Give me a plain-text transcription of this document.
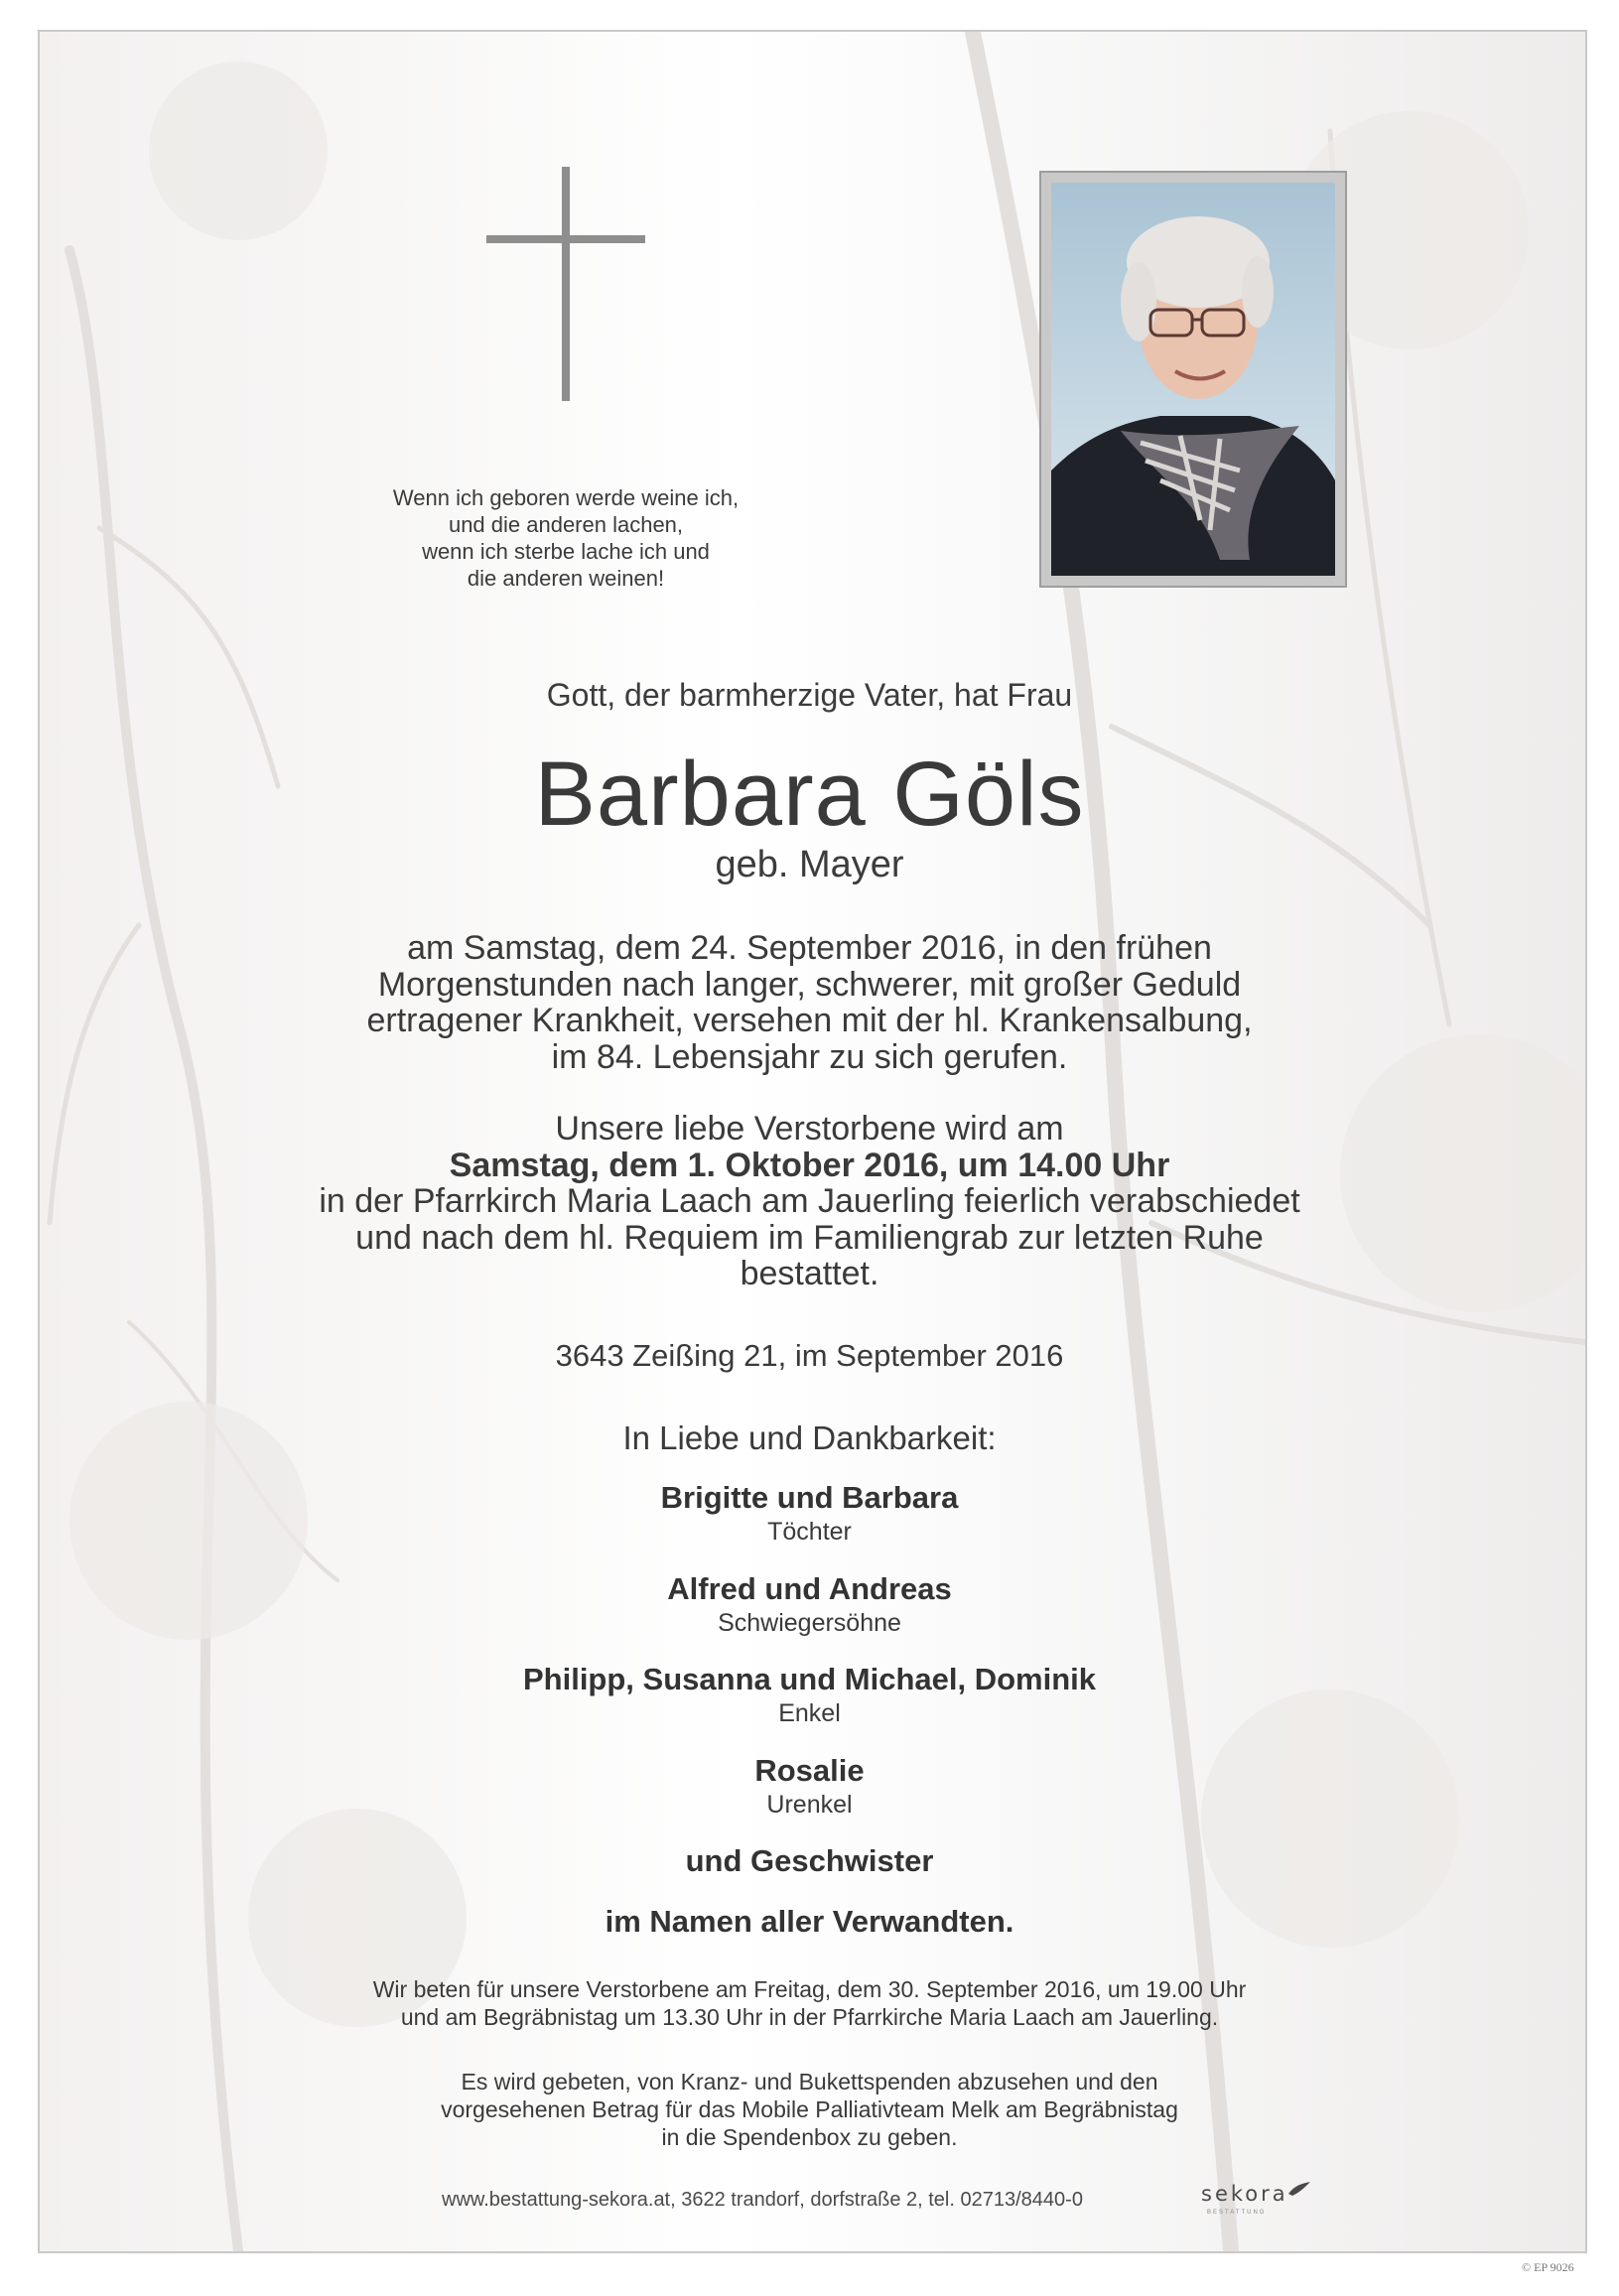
Wenn ich geboren werde weine ich,
und die anderen lachen,
wenn ich sterbe lache ich und
die anderen weinen!
Gott, der barmherzige Vater, hat Frau
Barbara Göls
geb. Mayer
am Samstag, dem 24. September 2016, in den frühen
Morgenstunden nach langer, schwerer, mit großer Geduld
ertragener Krankheit, versehen mit der hl. Krankensalbung,
im 84. Lebensjahr zu sich gerufen.
Unsere liebe Verstorbene wird am
Samstag, dem 1. Oktober 2016, um 14.00 Uhr
in der Pfarrkirch Maria Laach am Jauerling feierlich verabschiedet
und nach dem hl. Requiem im Familiengrab zur letzten Ruhe
bestattet.
3643 Zeißing 21, im September 2016
In Liebe und Dankbarkeit:
Brigitte und Barbara
Töchter
Alfred und Andreas
Schwiegersöhne
Philipp, Susanna und Michael, Dominik
Enkel
Rosalie
Urenkel
und Geschwister
im Namen aller Verwandten.
Wir beten für unsere Verstorbene am Freitag, dem 30. September 2016, um 19.00 Uhr
und am Begräbnistag um 13.30 Uhr in der Pfarrkirche Maria Laach am Jauerling.
Es wird gebeten, von Kranz- und Bukettspenden abzusehen und den
vorgesehenen Betrag für das Mobile Palliativteam Melk am Begräbnistag
in die Spendenbox zu geben.
www.bestattung-sekora.at, 3622 trandorf, dorfstraße 2, tel. 02713/8440-0	sekora
BESTATTUNG
© EP 9026
